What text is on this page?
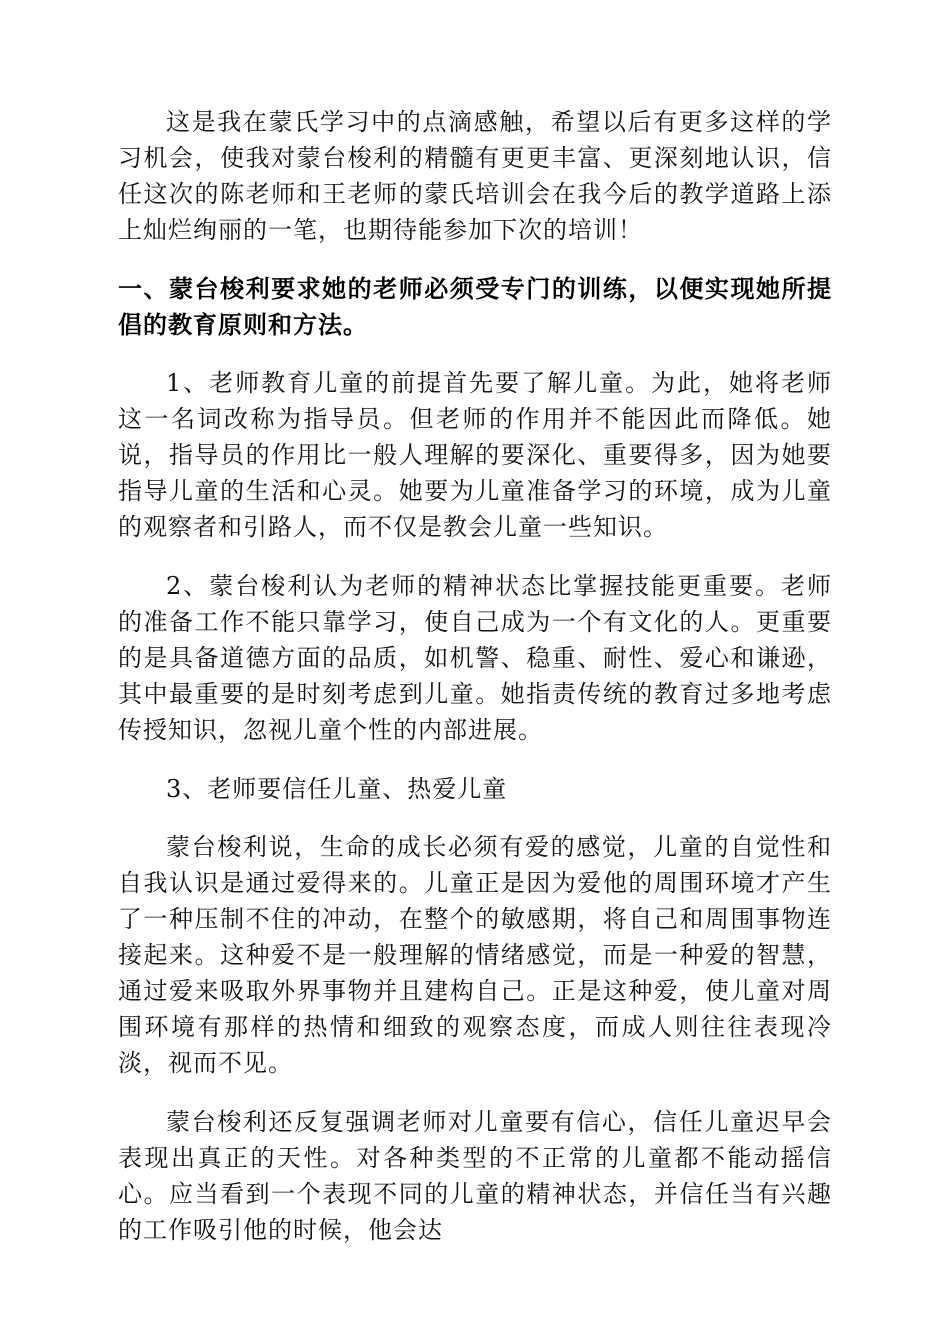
这是我在蒙氏学习中的点滴感触，希望以后有更多这样的学习机会，使我对蒙台梭利的精髓有更更丰富、更深刻地认识，信任这次的陈老师和王老师的蒙氏培训会在我今后的教学道路上添上灿烂绚丽的一笔，也期待能参加下次的培训！

一、蒙台梭利要求她的老师必须受专门的训练，以便实现她所提倡的教育原则和方法。

1、老师教育儿童的前提首先要了解儿童。为此，她将老师这一名词改称为指导员。但老师的作用并不能因此而降低。她说，指导员的作用比一般人理解的要深化、重要得多，因为她要指导儿童的生活和心灵。她要为儿童准备学习的环境，成为儿童的观察者和引路人，而不仅是教会儿童一些知识。

2、蒙台梭利认为老师的精神状态比掌握技能更重要。老师的准备工作不能只靠学习，使自己成为一个有文化的人。更重要的是具备道德方面的品质，如机警、稳重、耐性、爱心和谦逊，其中最重要的是时刻考虑到儿童。她指责传统的教育过多地考虑传授知识，忽视儿童个性的内部进展。

3、老师要信任儿童、热爱儿童

蒙台梭利说，生命的成长必须有爱的感觉，儿童的自觉性和自我认识是通过爱得来的。儿童正是因为爱他的周围环境才产生了一种压制不住的冲动，在整个的敏感期，将自己和周围事物连接起来。这种爱不是一般理解的情绪感觉，而是一种爱的智慧，通过爱来吸取外界事物并且建构自己。正是这种爱，使儿童对周围环境有那样的热情和细致的观察态度，而成人则往往表现冷淡，视而不见。

蒙台梭利还反复强调老师对儿童要有信心，信任儿童迟早会表现出真正的天性。对各种类型的不正常的儿童都不能动摇信心。应当看到一个表现不同的儿童的精神状态，并信任当有兴趣的工作吸引他的时候，他会达
